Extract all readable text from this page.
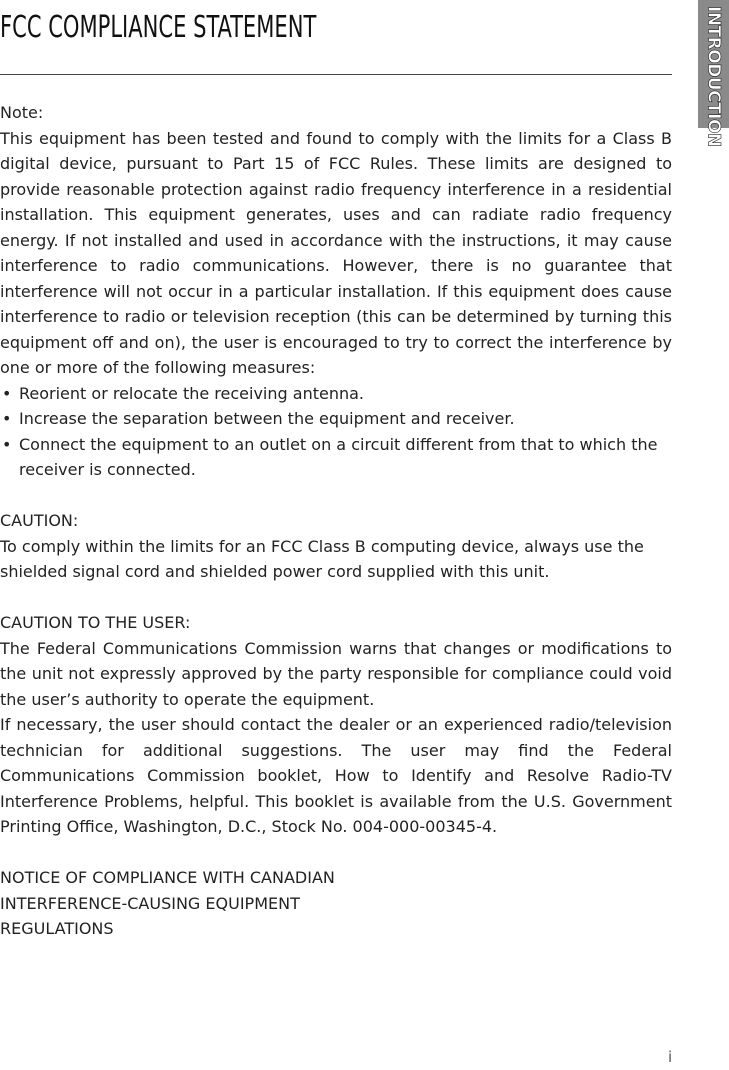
FCC COMPLIANCE STATEMENT	INTRODUCTION
Note:
This equipment has been tested and found to comply with the limits for a Class B digital device, pursuant to Part 15 of FCC Rules. These limits are designed to provide reasonable protection against radio frequency interference in a residential installation. This equipment generates, uses and can radiate radio frequency energy. If not installed and used in accordance with the instructions, it may cause interference to radio communications. However, there is no guarantee that interference will not occur in a particular installation. If this equipment does cause interference to radio or television reception (this can be determined by turning this equipment off and on), the user is encouraged to try to correct the interference by one or more of the following measures:
• Reorient or relocate the receiving antenna.
• Increase the separation between the equipment and receiver.
• Connect the equipment to an outlet on a circuit different from that to which the receiver is connected.
CAUTION:
To comply within the limits for an FCC Class B computing device, always use the shielded signal cord and shielded power cord supplied with this unit.
CAUTION TO THE USER:
The Federal Communications Commission warns that changes or modifications to the unit not expressly approved by the party responsible for compliance could void the user’s authority to operate the equipment.
If necessary, the user should contact the dealer or an experienced radio/television technician for additional suggestions. The user may find the Federal Communications Commission booklet, How to Identify and Resolve Radio-TV Interference Problems, helpful. This booklet is available from the U.S. Government Printing Office, Washington, D.C., Stock No. 004-000-00345-4.
NOTICE OF COMPLIANCE WITH CANADIAN
INTERFERENCE-CAUSING EQUIPMENT
REGULATIONS
i
